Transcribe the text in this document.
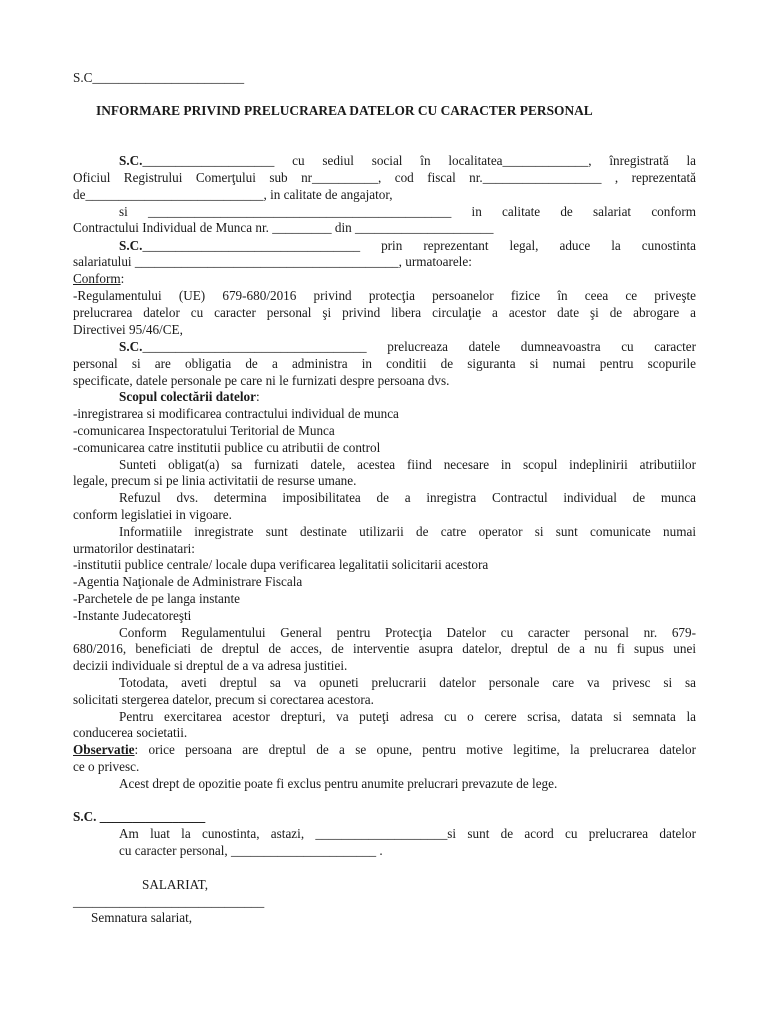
S.C_______________________
INFORMARE PRIVIND PRELUCRAREA DATELOR CU CARACTER PERSONAL
S.C.____________________ cu sediul social în localitatea_____________, înregistrată la
Oficiul Registrului Comerţului sub nr__________, cod fiscal nr.__________________ , reprezentată
de___________________________, in calitate de angajator,
si ______________________________________________ in calitate de salariat conform
Contractului Individual de Munca nr. _________ din _____________________
S.C._________________________________ prin reprezentant legal, aduce la cunostinta
salariatului ________________________________________, urmatoarele:
Conform:
-Regulamentului (UE) 679-680/2016 privind protecţia persoanelor fizice în ceea ce priveşte
prelucrarea datelor cu caracter personal şi privind libera circulaţie a acestor date şi de abrogare a
Directivei 95/46/CE,
S.C.__________________________________ prelucreaza datele dumneavoastra cu caracter
personal si are obligatia de a administra in conditii de siguranta si numai pentru scopurile
specificate, datele personale pe care ni le furnizati despre persoana dvs.
Scopul colectării datelor:
-inregistrarea si modificarea contractului individual de munca
-comunicarea Inspectoratului Teritorial de Munca
-comunicarea catre institutii publice cu atributii de control
Sunteti obligat(a) sa furnizati datele, acestea fiind necesare in scopul indeplinirii atributiilor
legale, precum si pe linia activitatii de resurse umane.
Refuzul dvs. determina imposibilitatea de a inregistra Contractul individual de munca
conform legislatiei in vigoare.
Informatiile inregistrate sunt destinate utilizarii de catre operator si sunt comunicate numai
urmatorilor destinatari:
-institutii publice centrale/ locale dupa verificarea legalitatii solicitarii acestora
-Agentia Naţionale de Administrare Fiscala
-Parchetele de pe langa instante
-Instante Judecatoreşti
Conform Regulamentului General pentru Protecţia Datelor cu caracter personal nr. 679-
680/2016, beneficiati de dreptul de acces, de interventie asupra datelor, dreptul de a nu fi supus unei
decizii individuale si dreptul de a va adresa justitiei.
Totodata, aveti dreptul sa va opuneti prelucrarii datelor personale care va privesc si sa
solicitati stergerea datelor, precum si corectarea acestora.
Pentru exercitarea acestor drepturi, va puteţi adresa cu o cerere scrisa, datata si semnata la
conducerea societatii.
Observatie: orice persoana are dreptul de a se opune, pentru motive legitime, la prelucrarea datelor
ce o privesc.
Acest drept de opozitie poate fi exclus pentru anumite prelucrari prevazute de lege.
S.C. ________________
Am luat la cunostinta, astazi, ____________________si sunt de acord cu prelucrarea datelor
cu caracter personal, ______________________ .
SALARIAT,
_____________________________
Semnatura salariat,
